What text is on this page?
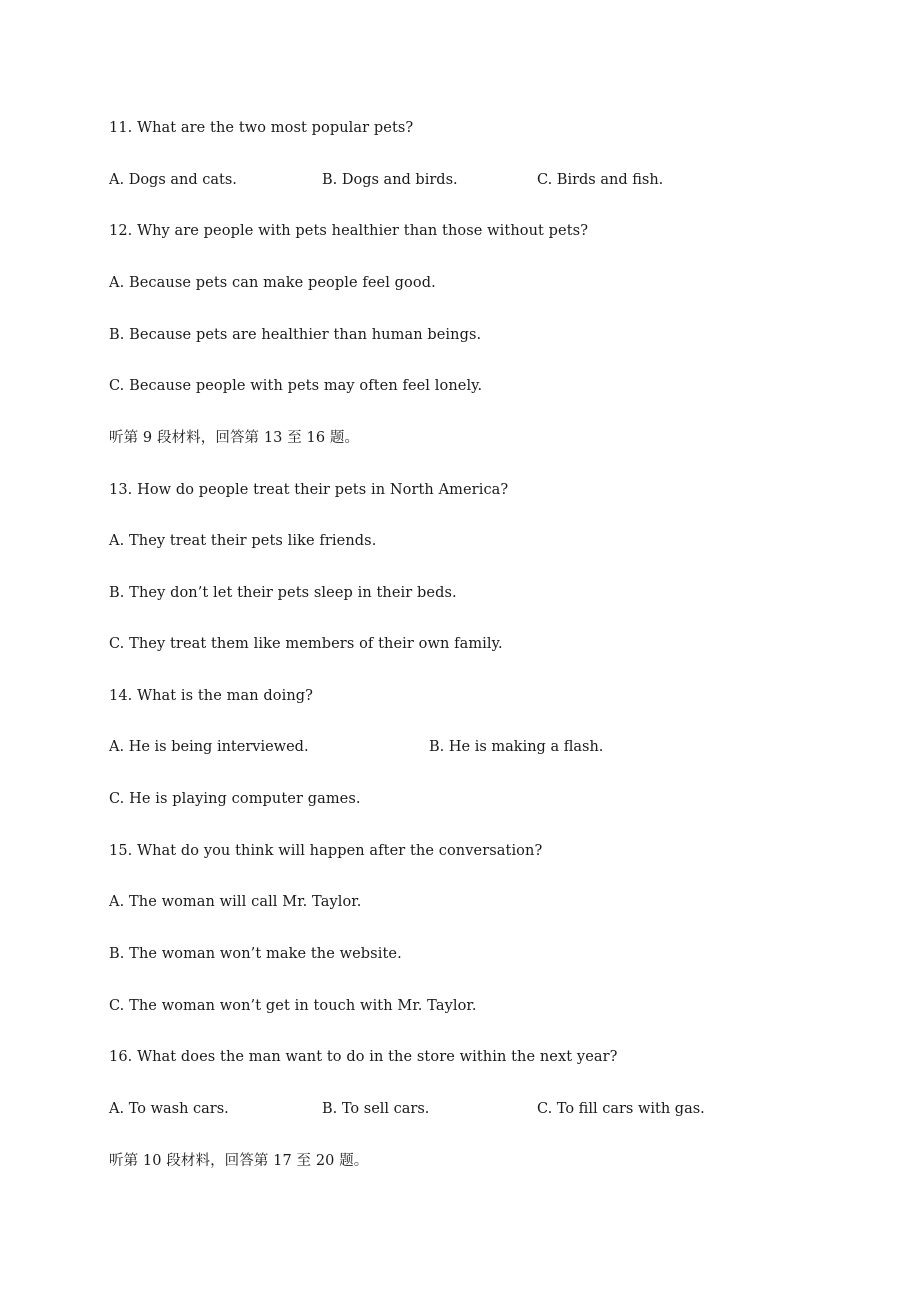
11. What are the two most popular pets?

A. Dogs and cats.

	B. Dogs and birds.

	C. Birds and fish.

12. Why are people with pets healthier than those without pets?
A. Because pets can make people feel good.
B. Because pets are healthier than human beings.
C. Because people with pets may often feel lonely.
听第 9 段材料，回答第 13 至 16 题。
13. How do people treat their pets in North America?
A. They treat their pets like friends.
B. They don’t let their pets sleep in their beds.
C. They treat them like members of their own family.
14. What is the man doing?

A. He is being interviewed.

	B. He is making a flash.

C. He is playing computer games.
15. What do you think will happen after the conversation?
A. The woman will call Mr. Taylor.
B. The woman won’t make the website.
C. The woman won’t get in touch with Mr. Taylor.
16. What does the man want to do in the store within the next year?

A. To wash cars.

	B. To sell cars.

	C. To fill cars with gas.

听第 10 段材料，回答第 17 至 20 题。
